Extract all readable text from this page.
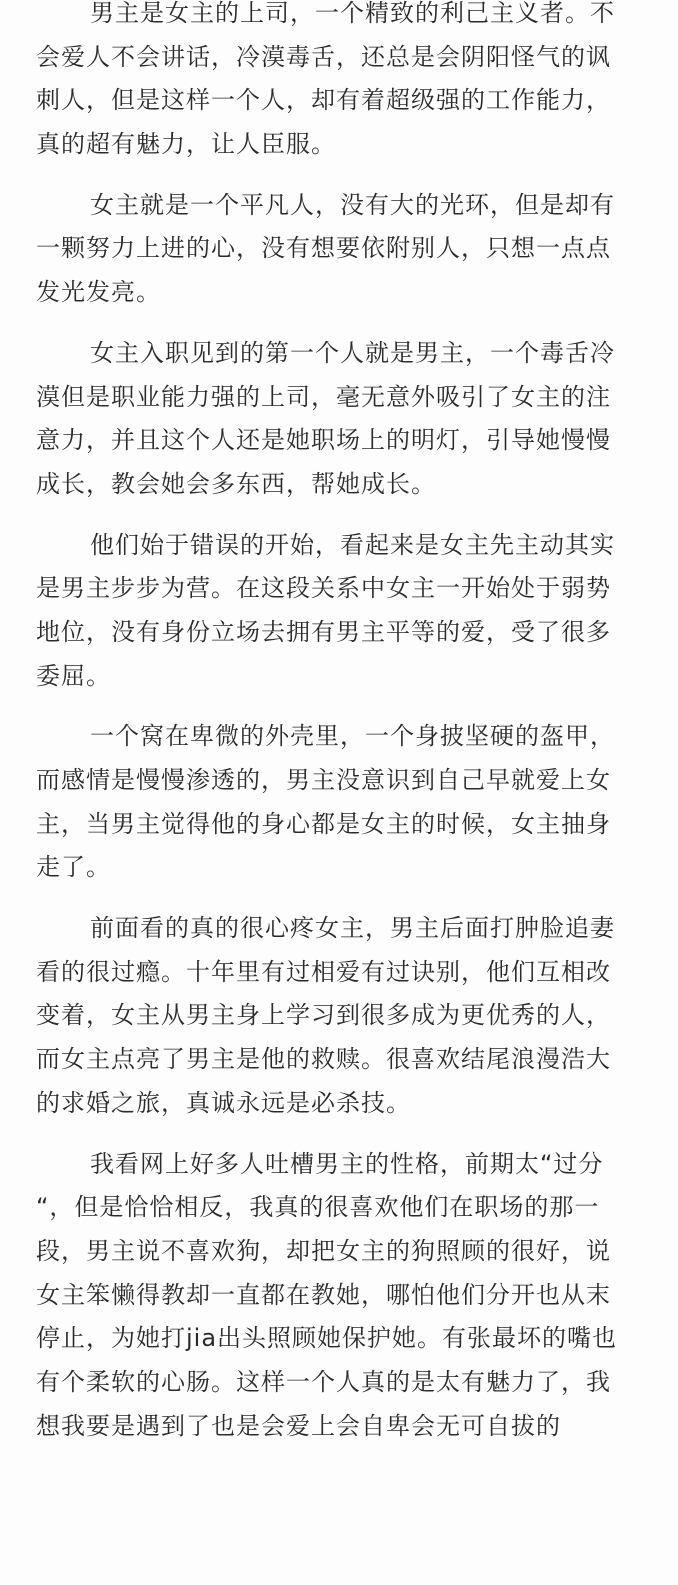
男主是女主的上司，一个精致的利己主义者。不
会爱人不会讲话，冷漠毒舌，还总是会阴阳怪气的讽
刺人，但是这样一个人，却有着超级强的工作能力，
真的超有魅力，让人臣服。
女主就是一个平凡人，没有大的光环，但是却有
一颗努力上进的心，没有想要依附别人，只想一点点
发光发亮。
女主入职见到的第一个人就是男主，一个毒舌冷
漠但是职业能力强的上司，毫无意外吸引了女主的注
意力，并且这个人还是她职场上的明灯，引导她慢慢
成长，教会她会多东西，帮她成长。
他们始于错误的开始，看起来是女主先主动其实
是男主步步为营。在这段关系中女主一开始处于弱势
地位，没有身份立场去拥有男主平等的爱，受了很多
委屈。
一个窝在卑微的外壳里，一个身披坚硬的盔甲，
而感情是慢慢渗透的，男主没意识到自己早就爱上女
主，当男主觉得他的身心都是女主的时候，女主抽身
走了。
前面看的真的很心疼女主，男主后面打肿脸追妻
看的很过瘾。十年里有过相爱有过诀别，他们互相改
变着，女主从男主身上学习到很多成为更优秀的人，
而女主点亮了男主是他的救赎。很喜欢结尾浪漫浩大
的求婚之旅，真诚永远是必杀技。
我看网上好多人吐槽男主的性格，前期太“过分
“，但是恰恰相反，我真的很喜欢他们在职场的那一
段，男主说不喜欢狗，却把女主的狗照顾的很好，说
女主笨懒得教却一直都在教她，哪怕他们分开也从末
停止，为她打jia出头照顾她保护她。有张最坏的嘴也
有个柔软的心肠。这样一个人真的是太有魅力了，我
想我要是遇到了也是会爱上会自卑会无可自拔的
